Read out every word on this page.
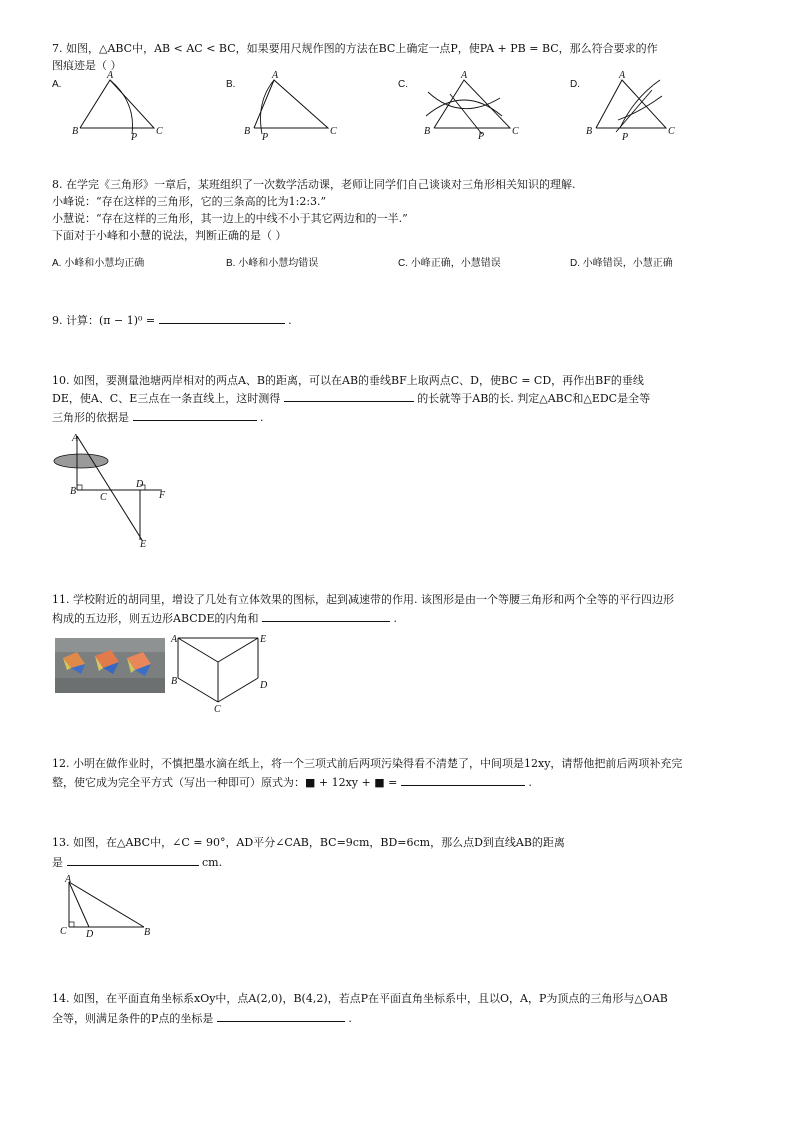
7. 如图，△ABC中，AB < AC < BC，如果要用尺规作图的方法在BC上确定一点P，使PA + PB = BC，那么符合要求的作
图痕迹是（ ）
A.	B.	C.	D.
B
A
C
P
B
A
C
P
B
A
C
P	B
A
C
P
8. 在学完《三角形》一章后，某班组织了一次数学活动课，老师让同学们自己谈谈对三角形相关知识的理解.
小峰说：“存在这样的三角形，它的三条高的比为1:2:3.”
小慧说：“存在这样的三角形，其一边上的中线不小于其它两边和的一半.”
下面对于小峰和小慧的说法，判断正确的是（ ）
A. 小峰和小慧均正确	B. 小峰和小慧均错误	C. 小峰正确，小慧错误	D. 小峰错误，小慧正确
9. 计算：(π − 1)⁰ =	.
10. 如图，要测量池塘两岸相对的两点A、B的距离，可以在AB的垂线BF上取两点C、D，使BC = CD，再作出BF的垂线
DE，使A、C、E三点在一条直线上，这时测得	的长就等于AB的长. 判定△ABC和△EDC是全等
三角形的依据是	.
A
B
C
D
F
E
11. 学校附近的胡同里，增设了几处有立体效果的图标，起到减速带的作用. 该图形是由一个等腰三角形和两个全等的平行四边形
构成的五边形，则五边形ABCDE的内角和	.
A
B
C
D
E
12. 小明在做作业时，不慎把墨水滴在纸上，将一个三项式前后两项污染得看不清楚了，中间项是12xy，请帮他把前后两项补充完
整，使它成为完全平方式（写出一种即可）原式为：■ + 12xy + ■ =	.
13. 如图，在△ABC中，∠C = 90°，AD平分∠CAB，BC=9cm，BD=6cm，那么点D到直线AB的距离
是	cm.
A
C D	B
14. 如图，在平面直角坐标系xOy中，点A(2,0)，B(4,2)，若点P在平面直角坐标系中，且以O，A，P为顶点的三角形与△OAB
全等，则满足条件的P点的坐标是	.
